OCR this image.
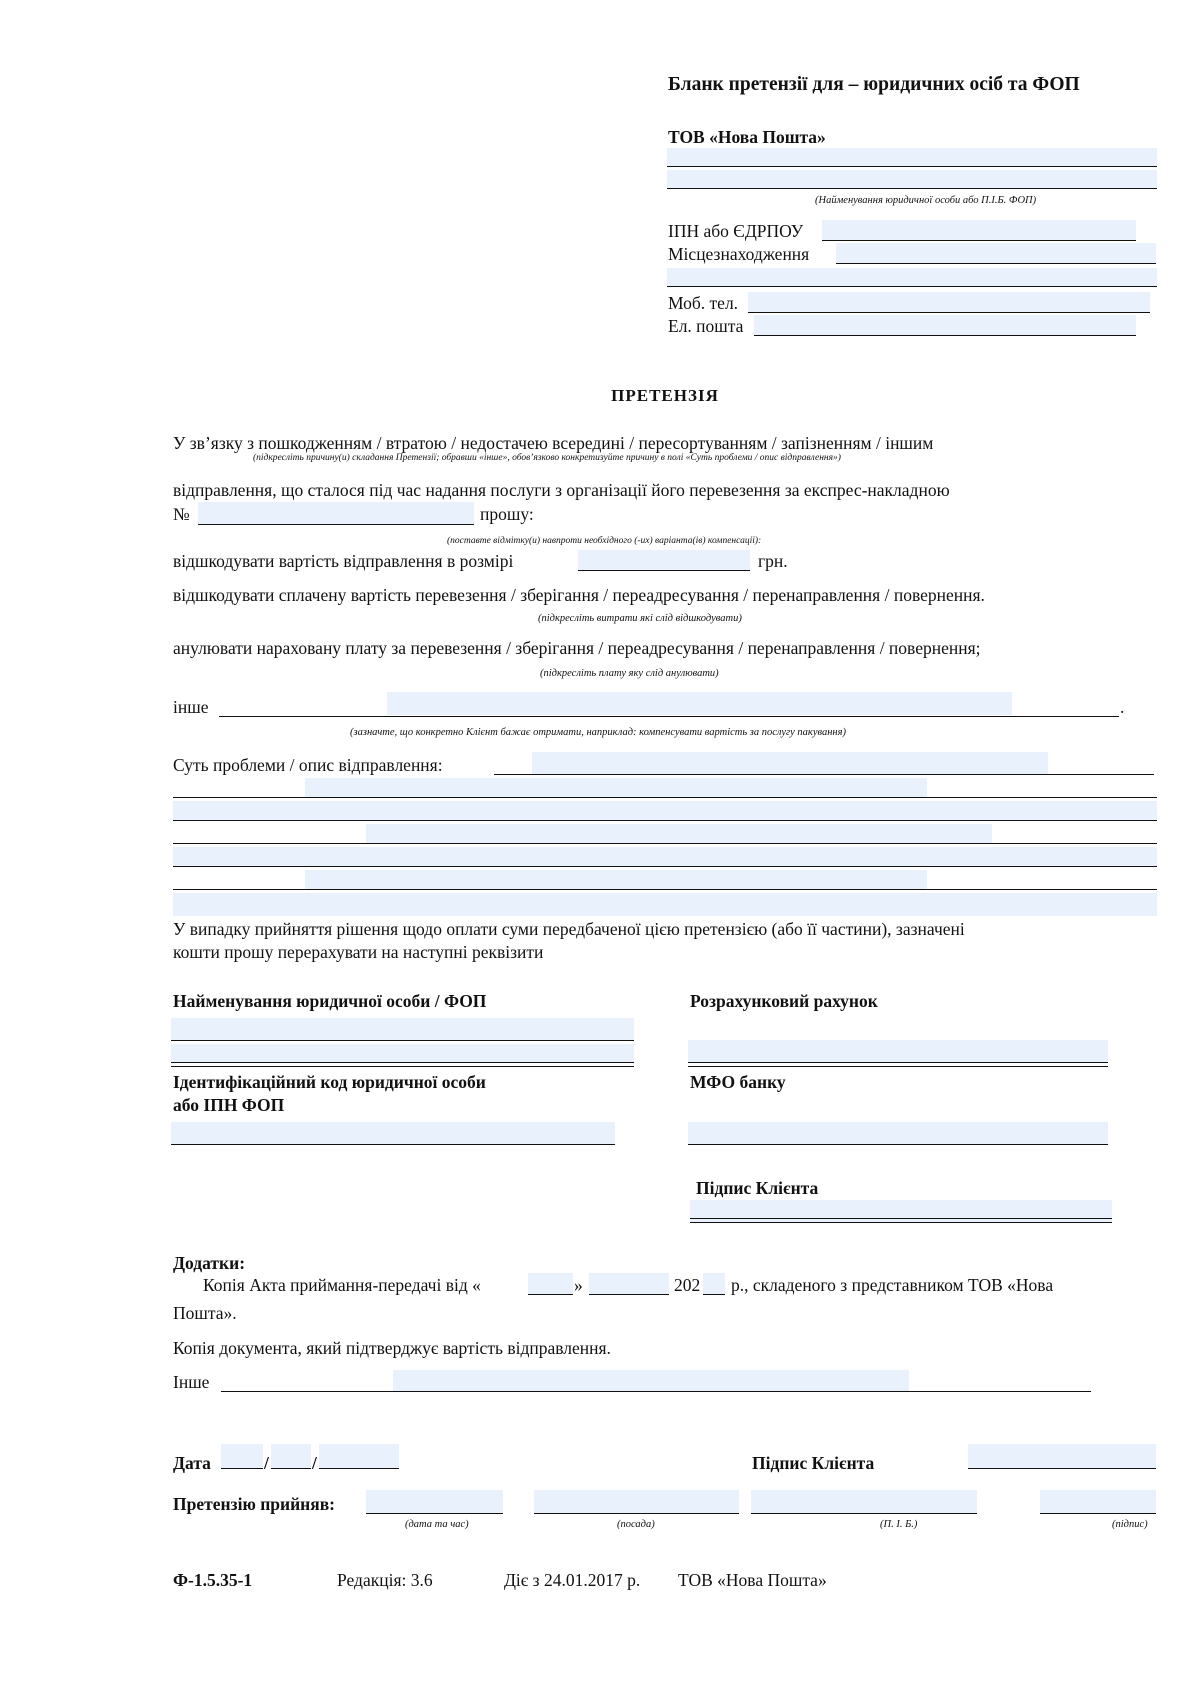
Бланк претензії для – юридичних осіб та ФОП
ТОВ «Нова Пошта»
(Найменування юридичної особи або П.І.Б. ФОП)
ІПН або ЄДРПОУ
Місцезнаходження
Моб. тел.
Ел. пошта
ПРЕТЕНЗІЯ
У зв’язку з пошкодженням / втратою / недостачею всередині / пересортуванням / запізненням / іншим
(підкресліть причину(и) складання Претензії; обравши «інше», обов’язково конкретизуйте причину в полі «Суть проблеми / опис відправлення»)
відправлення, що сталося під час надання послуги з організації його перевезення за експрес-накладною
№	прошу:
(поставте відмітку(и) навпроти необхідного (-их) варіанта(ів) компенсації):
відшкодувати вартість відправлення в розмірі	грн.
відшкодувати сплачену вартість перевезення / зберігання / переадресування / перенаправлення / повернення.
(підкресліть витрати які слід відшкодувати)
анулювати нараховану плату за перевезення / зберігання / переадресування / перенаправлення / повернення;
(підкресліть плату яку слід анулювати)
інше	.
(зазначте, що конкретно Клієнт бажає отримати, наприклад: компенсувати вартість за послугу пакування)
Суть проблеми / опис відправлення:
У випадку прийняття рішення щодо оплати суми передбаченої цією претензією (або її частини), зазначені
кошти прошу перерахувати на наступні реквізити
Найменування юридичної особи / ФОП	Розрахунковий рахунок
Ідентифікаційний код юридичної особи
або ІПН ФОП
МФО банку
Підпис Клієнта
Додатки:
Копія Акта приймання-передачі від «	»	202 р., складеного з представником ТОВ «Нова
Пошта».
Копія документа, який підтверджує вартість відправлення.
Інше
Дата	/ /	Підпис Клієнта
Претензію прийняв:
(дата та час)	(посада)	(П. І. Б.)	(підпис)
Ф-1.5.35-1	Редакція: 3.6	Діє з 24.01.2017 р. ТОВ «Нова Пошта»
